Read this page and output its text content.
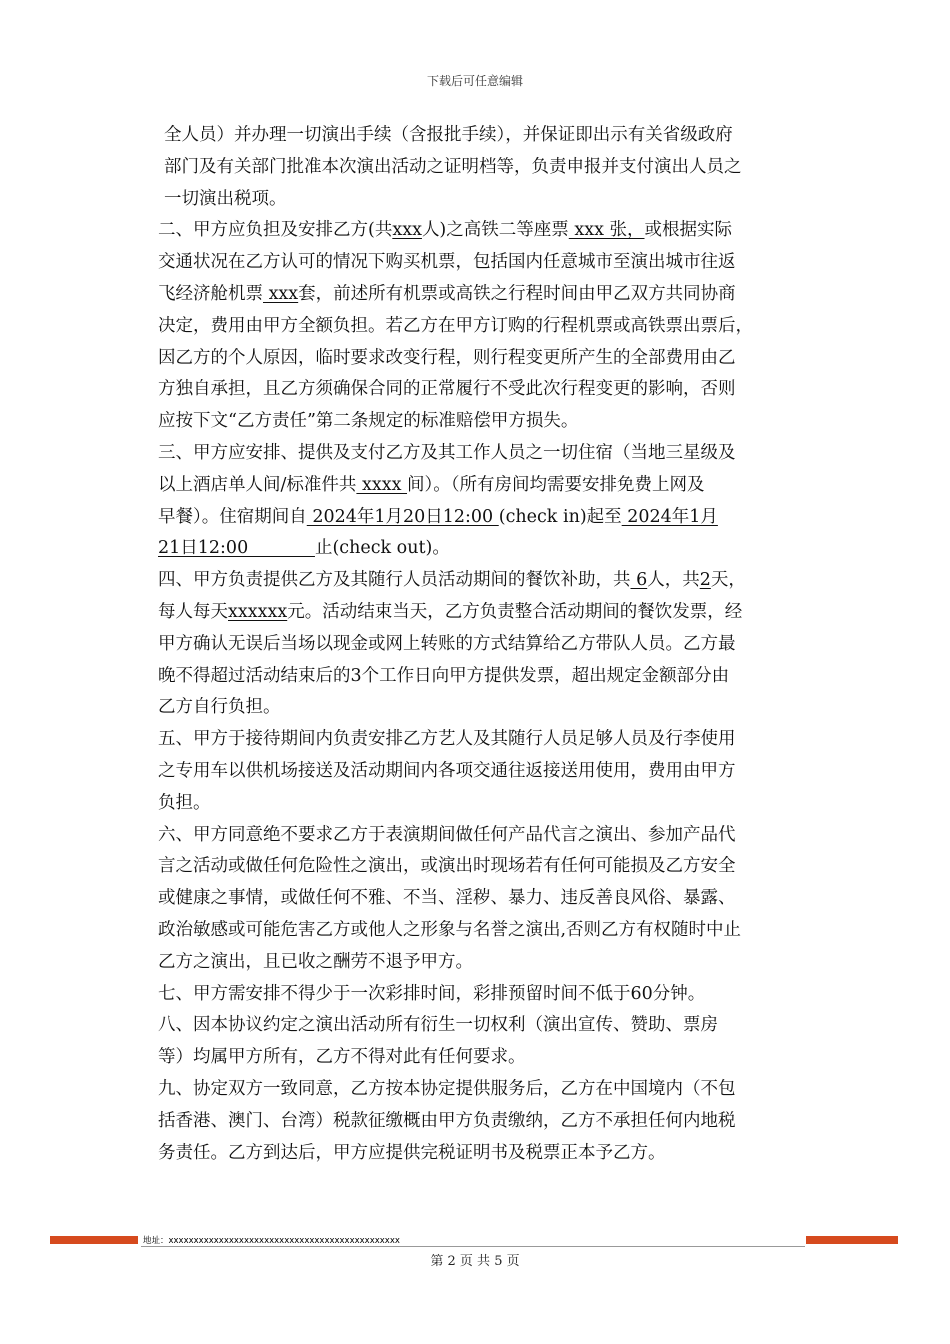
下载后可任意编辑
全人员）并办理一切演出手续（含报批手续），并保证即出示有关省级政府
部门及有关部门批准本次演出活动之证明档等，负责申报并支付演出人员之
一切演出税项。
二、甲方应负担及安排乙方(共xxx人)之高铁二等座票 xxx 张，或根据实际
交通状况在乙方认可的情况下购买机票，包括国内任意城市至演出城市往返
飞经济舱机票 xxx套，前述所有机票或高铁之行程时间由甲乙双方共同协商
决定，费用由甲方全额负担。若乙方在甲方订购的行程机票或高铁票出票后，
因乙方的个人原因，临时要求改变行程，则行程变更所产生的全部费用由乙
方独自承担，且乙方须确保合同的正常履行不受此次行程变更的影响，否则
应按下文“乙方责任”第二条规定的标准赔偿甲方损失。
三、甲方应安排、提供及支付乙方及其工作人员之一切住宿（当地三星级及
以上酒店单人间/标准件共 xxxx 间）。（所有房间均需要安排免费上网及
早餐）。住宿期间自 2024年1月20日12:00 (check in)起至 2024年1月
21日12:00            止(check out)。
四、甲方负责提供乙方及其随行人员活动期间的餐饮补助，共 6人，共2天，
每人每天xxxxxx元。活动结束当天，乙方负责整合活动期间的餐饮发票，经
甲方确认无误后当场以现金或网上转账的方式结算给乙方带队人员。乙方最
晚不得超过活动结束后的3个工作日向甲方提供发票，超出规定金额部分由
乙方自行负担。
五、甲方于接待期间内负责安排乙方艺人及其随行人员足够人员及行李使用
之专用车以供机场接送及活动期间内各项交通往返接送用使用，费用由甲方
负担。
六、甲方同意绝不要求乙方于表演期间做任何产品代言之演出、参加产品代
言之活动或做任何危险性之演出，或演出时现场若有任何可能损及乙方安全
或健康之事情，或做任何不雅、不当、淫秽、暴力、违反善良风俗、暴露、
政治敏感或可能危害乙方或他人之形象与名誉之演出,否则乙方有权随时中止
乙方之演出，且已收之酬劳不退予甲方。
七、甲方需安排不得少于一次彩排时间，彩排预留时间不低于60分钟。
八、因本协议约定之演出活动所有衍生一切权利（演出宣传、赞助、票房
等）均属甲方所有，乙方不得对此有任何要求。
九、协定双方一致同意，乙方按本协定提供服务后，乙方在中国境内（不包
括香港、澳门、台湾）税款征缴概由甲方负责缴纳，乙方不承担任何内地税
务责任。乙方到达后，甲方应提供完税证明书及税票正本予乙方。
地址：xxxxxxxxxxxxxxxxxxxxxxxxxxxxxxxxxxxxxxxxxxxxxx
第 2 页 共 5 页
